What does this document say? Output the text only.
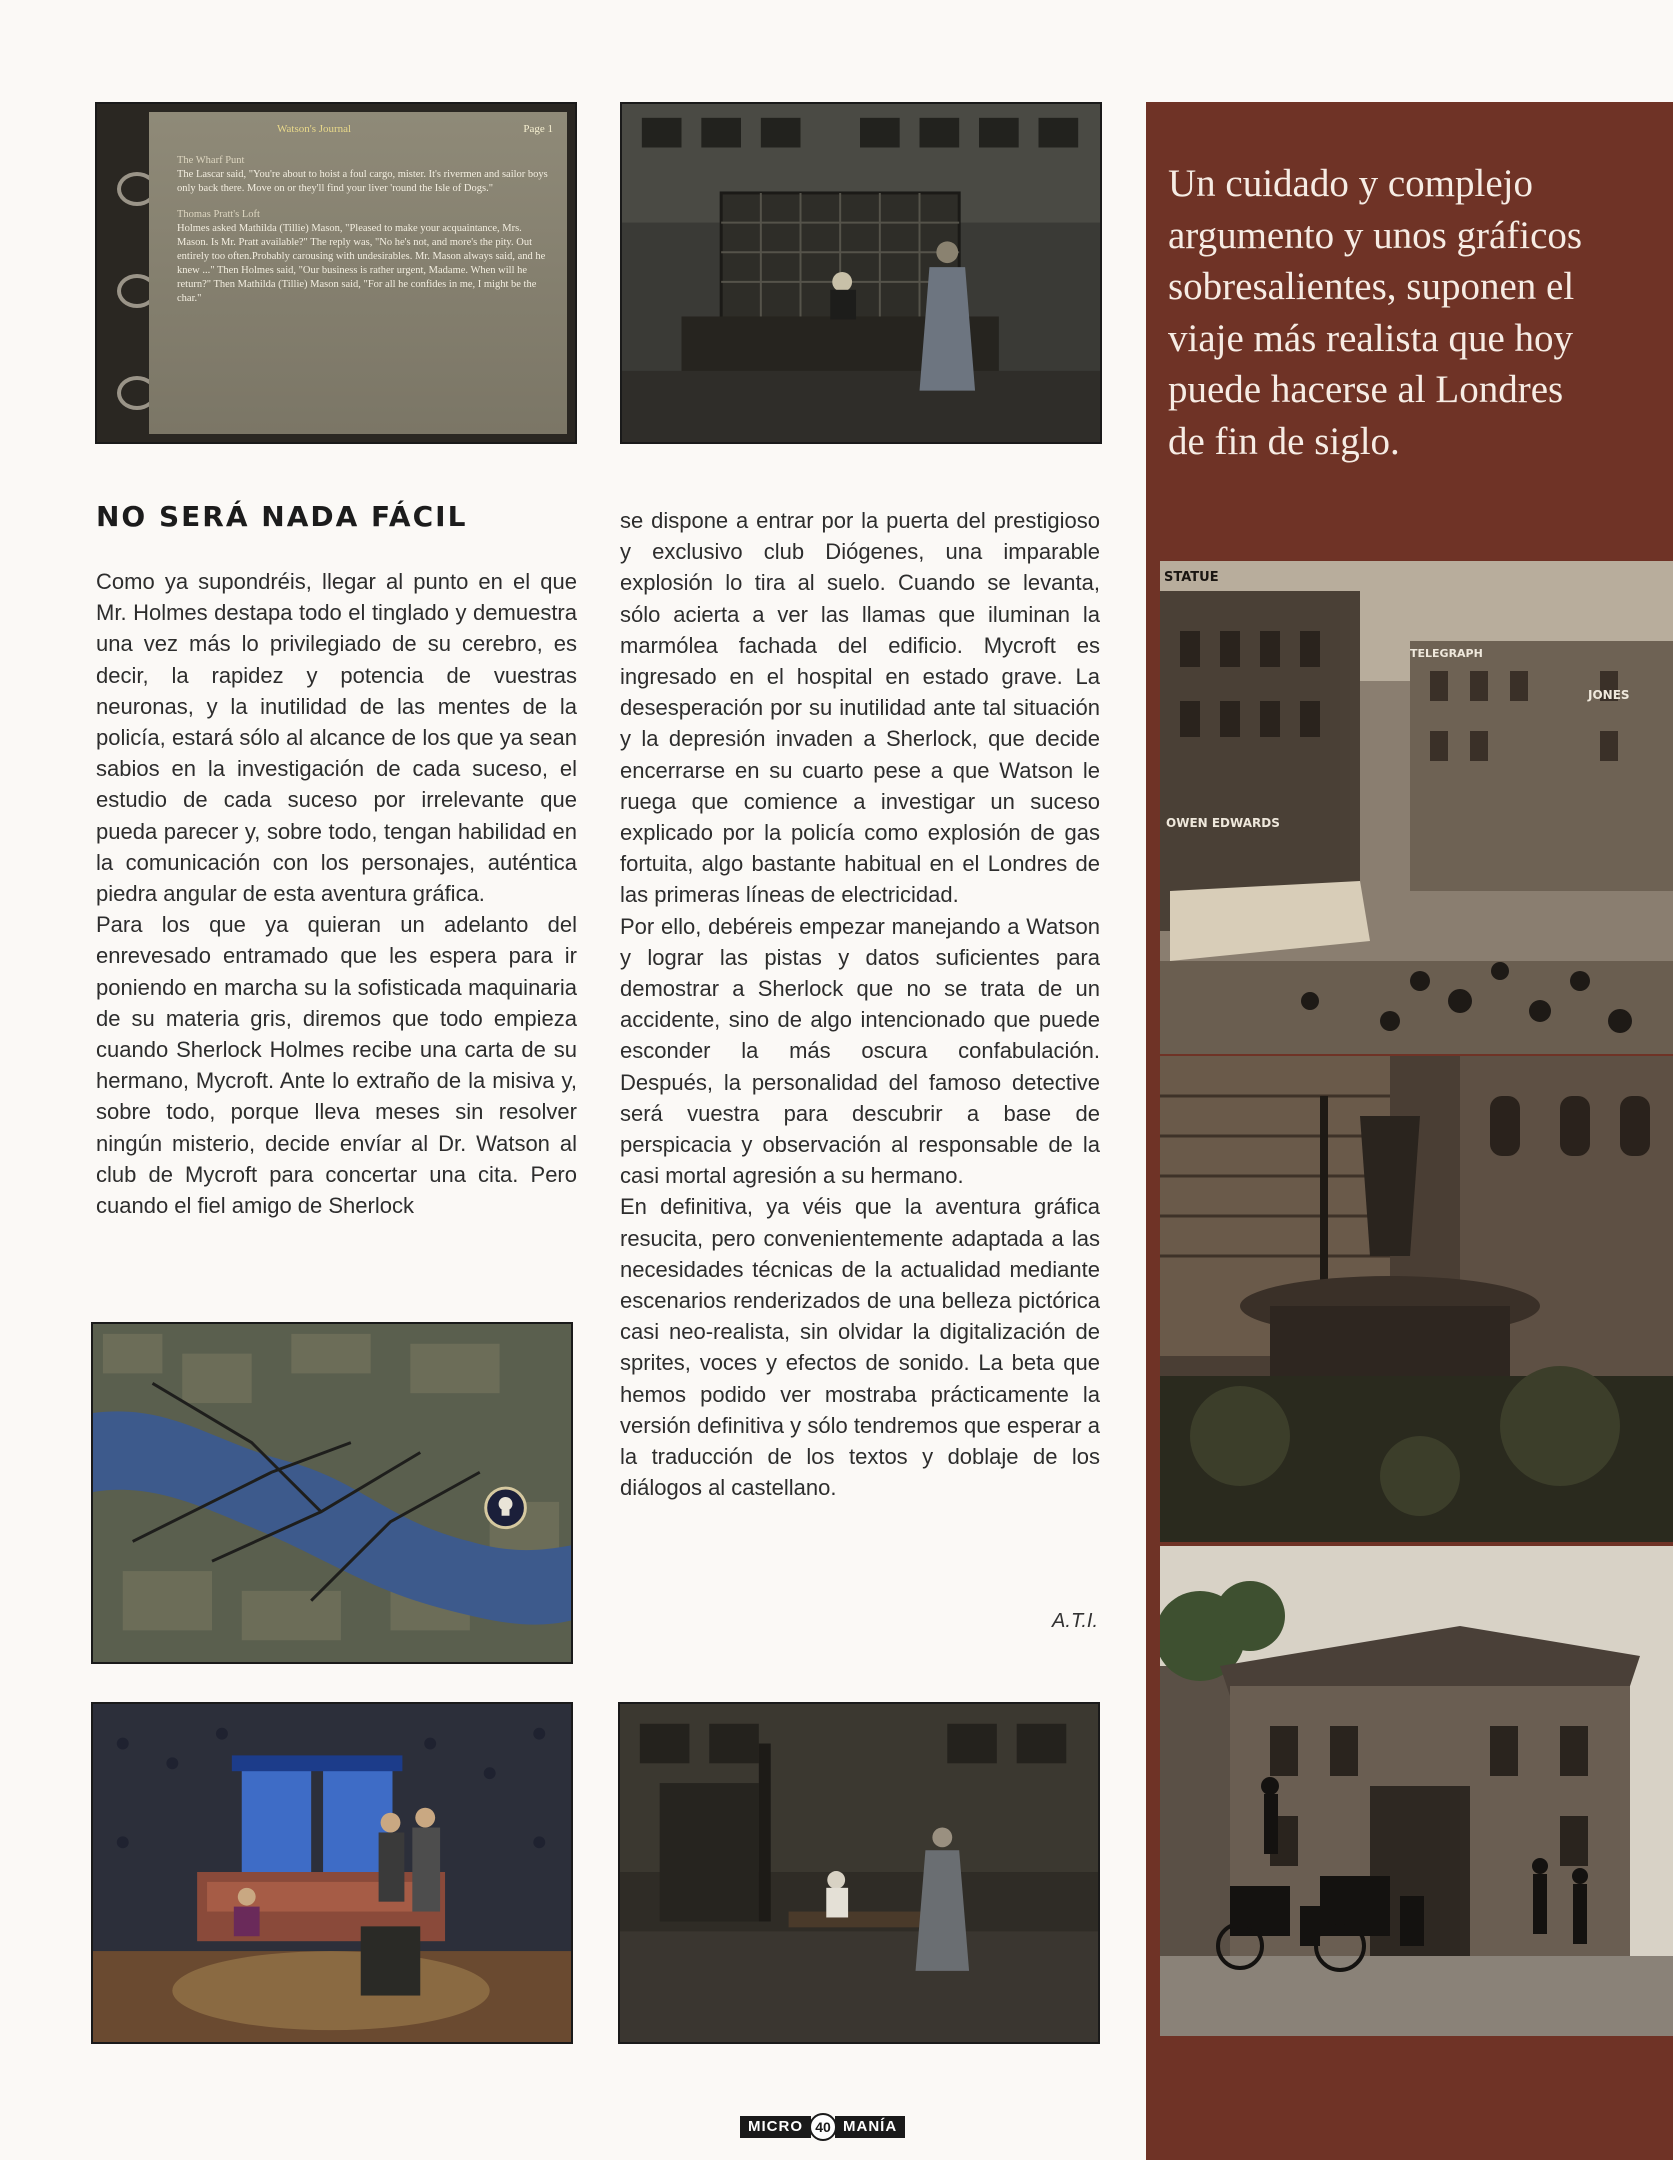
Watson's Journal	Page 1
The Wharf Punt
The Lascar said, "You're about to hoist a foul cargo, mister. It's rivermen and sailor boys only back there. Move on or they'll find your liver 'round the Isle of Dogs."
Thomas Pratt's Loft
Holmes asked Mathilda (Tillie) Mason, "Pleased to make your acquaintance, Mrs. Mason. Is Mr. Pratt available?" The reply was, "No he's not, and more's the pity. Out entirely too often.Probably carousing with undesirables. Mr. Mason always said, and he knew ..." Then Holmes said, "Our business is rather urgent, Madame. When will he return?" Then Mathilda (Tillie) Mason said, "For all he confides in me, I might be the char."
NO SERÁ NADA FÁCIL

Como ya supondréis, llegar al punto en el que Mr. Holmes destapa todo el tinglado y demuestra una vez más lo privilegiado de su cerebro, es decir, la rapidez y potencia de vuestras neuronas, y la inutilidad de las mentes de la policía, estará sólo al alcance de los que ya sean sabios en la investigación de cada suceso, el estudio de cada suceso por irrelevante que pueda parecer y, sobre todo, tengan habilidad en la comunicación con los personajes, auténtica piedra angular de esta aventura gráfica.

Para los que ya quieran un adelanto del enrevesado entramado que les espera para ir poniendo en marcha su la sofisticada maquinaria de su materia gris, diremos que todo empieza cuando Sherlock Holmes recibe una carta de su hermano, Mycroft. Ante lo extraño de la misiva y, sobre todo, porque lleva meses sin resolver ningún misterio, decide envíar al Dr. Watson al club de Mycroft para concertar una cita. Pero cuando el fiel amigo de Sherlock

se dispone a entrar por la puerta del prestigioso y exclusivo club Diógenes, una imparable explosión lo tira al suelo. Cuando se levanta, sólo acierta a ver las llamas que iluminan la marmólea fachada del edificio. Mycroft es ingresado en el hospital en estado grave. La desesperación por su inutilidad ante tal situación y la depresión invaden a Sherlock, que decide encerrarse en su cuarto pese a que Watson le ruega que comience a investigar un suceso explicado por la policía como explosión de gas fortuita, algo bastante habitual en el Londres de las primeras líneas de electricidad.

Por ello, debéreis empezar manejando a Watson y lograr las pistas y datos suficientes para demostrar a Sherlock que no se trata de un accidente, sino de algo intencionado que puede esconder la más oscura confabulación. Después, la personalidad del famoso detective será vuestra para descubrir a base de perspicacia y observación al responsable de la casi mortal agresión a su hermano.

En definitiva, ya véis que la aventura gráfica resucita, pero convenientemente adaptada a las necesidades técnicas de la actualidad mediante escenarios renderizados de una belleza pictórica casi neo-realista, sin olvidar la digitalización de sprites, voces y efectos de sonido. La beta que hemos podido ver mostraba prácticamente la versión definitiva y sólo tendremos que esperar a la traducción de los textos y doblaje de los diálogos al castellano.

A.T.I.
Un cuidado y complejo argumento y unos gráficos sobresalientes, suponen el viaje más realista que hoy puede hacerse al Londres de fin de siglo.
STATUE
OWEN EDWARDS
JONES
TELEGRAPH
MICRO 40 MANÍA
